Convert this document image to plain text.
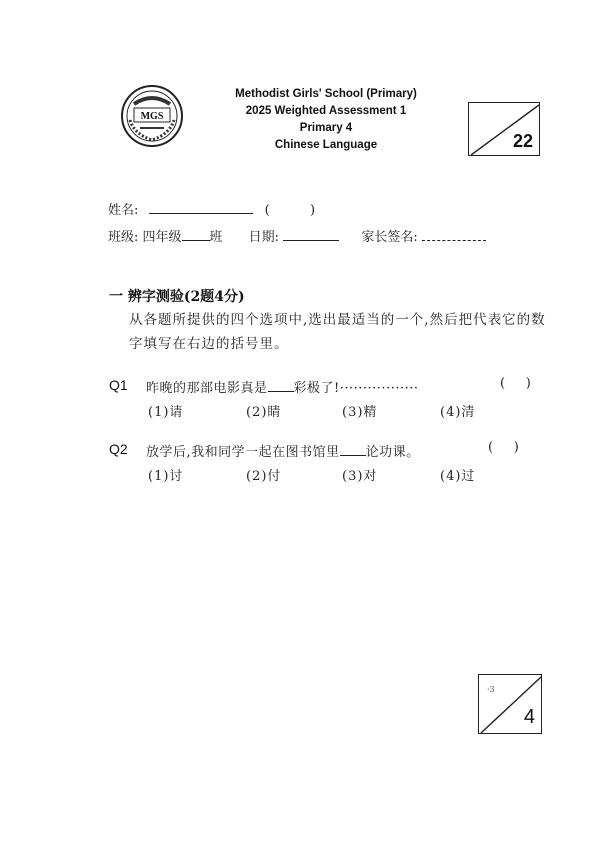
MGS
Methodist Girls' School (Primary)
2025 Weighted Assessment 1
Primary 4
Chinese Language	22
姓名:	(	)
班级: 四年级 班 日期:	家长签名:
一 辨字测验(2题4分)
从各题所提供的四个选项中,选出最适当的一个,然后把代表它的数字填写在右边的括号里。
Q1 昨晚的那部电影真是 彩极了!·················	(     )
(1)请	(2)睛	(3)精	(4)清
Q2 放学后,我和同学一起在图书馆里 论功课。	(     )
(1)讨	(2)付	(3)对	(4)过
·3
4
